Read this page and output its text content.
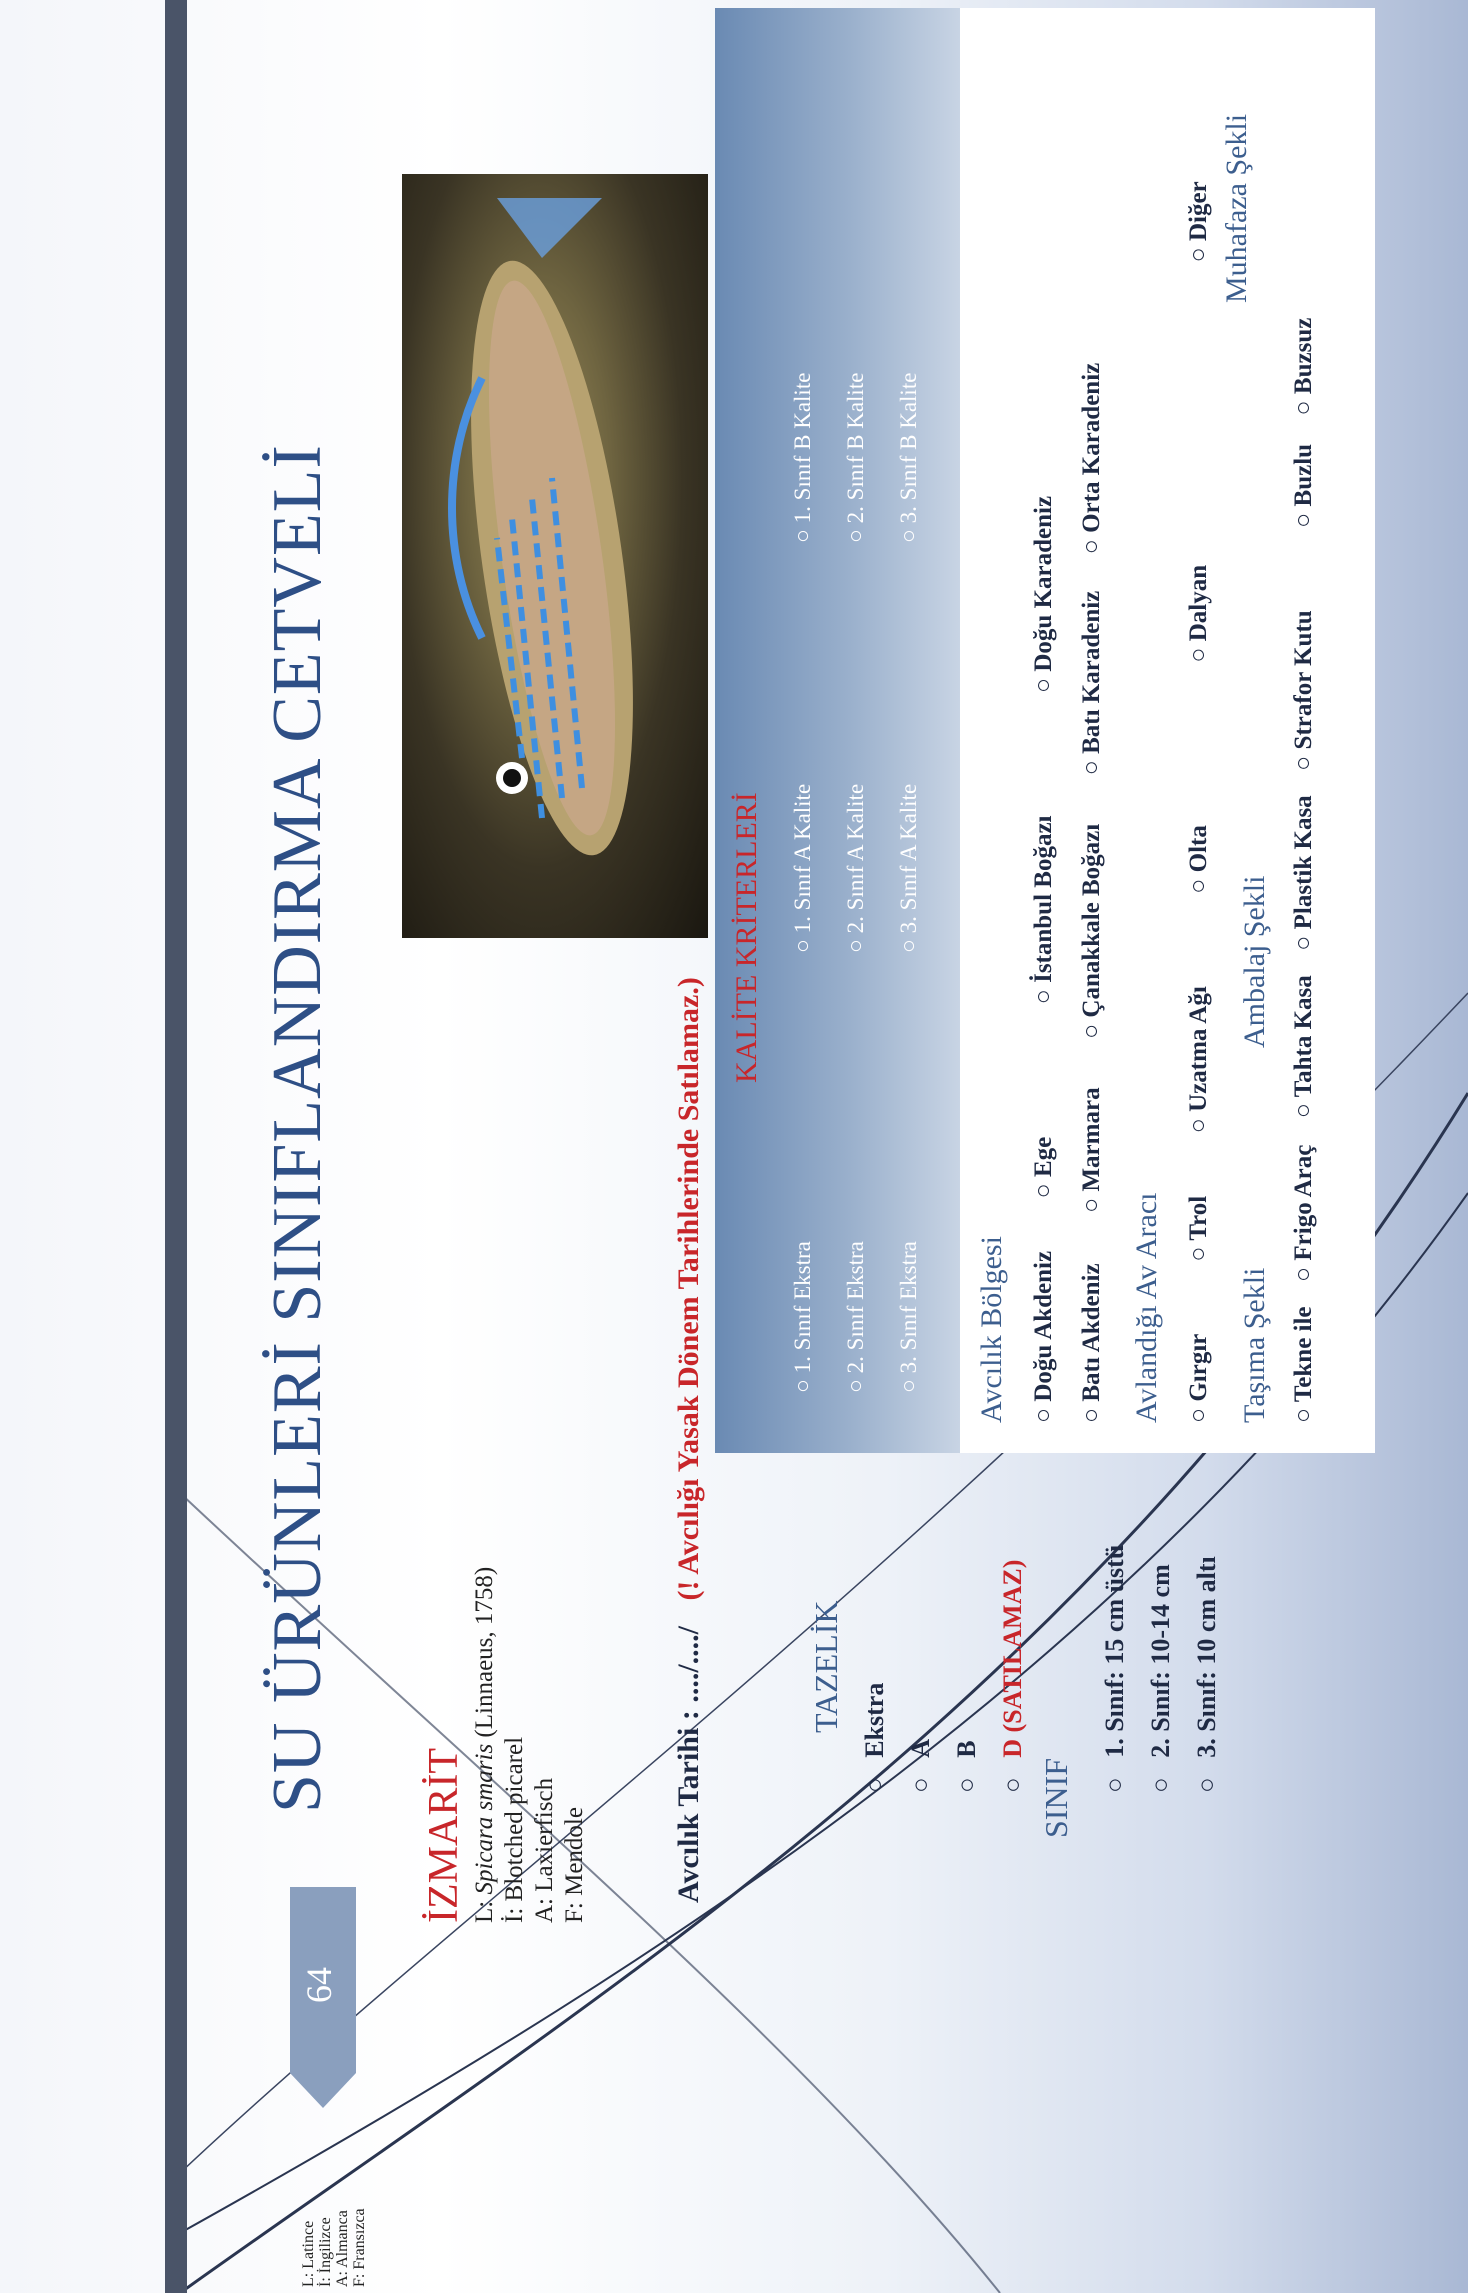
64
L: Latince İ: İngilizce A: Almanca F: Fransızca
SU ÜRÜNLERİ SINIFLANDIRMA CETVELİ
İZMARİT L: Spicara smaris (Linnaeus, 1758)
İ: Blotched picarel A: Laxierfisch F: Mendole	Avcılık Tarihi : ..../..../ (! Avcılığı Yasak Dönem Tarihlerinde Satılamaz.)
KALİTE KRİTERLERİ
○ 1. Sınıf Ekstra
○ 2. Sınıf Ekstra
○ 3. Sınıf Ekstra
○ 1. Sınıf A Kalite
○ 2. Sınıf A Kalite
○ 3. Sınıf A Kalite
○ 1. Sınıf B Kalite
○ 2. Sınıf B Kalite
○ 3. Sınıf B Kalite
Avcılık Bölgesi ○ Doğu Akdeniz  ○ Ege  ○ İstanbul Boğazı  ○ Doğu Karadeniz
○ Batı Akdeniz  ○ Marmara  ○ Çanakkale Boğazı  ○ Batı Karadeniz  ○ Orta Karadeniz
Avlandığı Av Aracı ○ Gırgır  ○ Trol  ○ Uzatma Ağı  ○ Olta  ○ Dalyan  ○ Diğer
Taşıma Şekli
Ambalaj Şekli
Muhafaza Şekli
○ Tekne ile  ○ Frigo Araç  ○ Tahta Kasa  ○ Plastik Kasa  ○ Strafor Kutu  ○ Buzlu  ○ Buzsuz
TAZELİK
○   Ekstra
○   A
○   B
○   D (SATILAMAZ)
SINIF ○   1. Sınıf: 15 cm üstü
○   2. Sınıf: 10-14 cm
○   3. Sınıf: 10 cm altı
